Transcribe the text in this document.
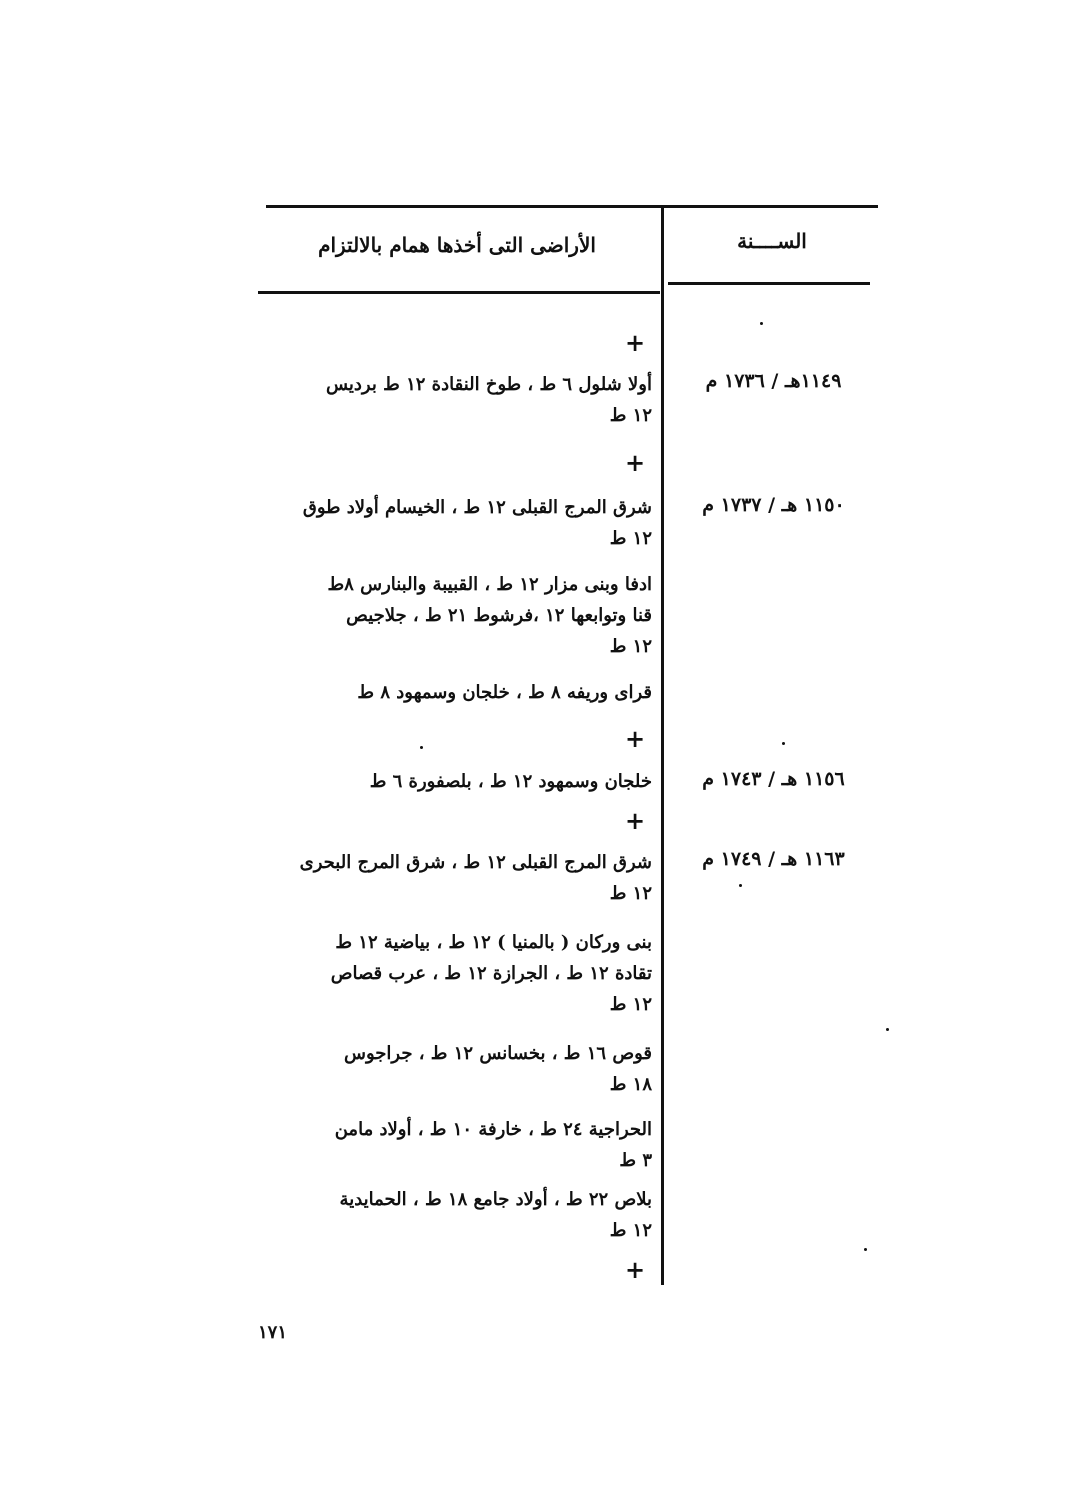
الأراضى التى أخذها همام بالالتزام	الســــنة
+
١١٤٩هـ / ١٧٣٦ م
أولا شلول ٦ ط ، طوخ النقادة ١٢ ط برديس
١٢ ط
+
١١٥٠ هـ / ١٧٣٧ م
شرق المرج القبلى ١٢ ط ، الخيسام أولاد طوق
١٢ ط
ادفا وبنى مزار ١٢ ط ، القبيبة والبنارس ٨ط
قنا وتوابعها ١٢ ،فرشوط ٢١ ط ، جلاجيص
١٢ ط
قراى وريفه ٨ ط ، خلجان وسمهود ٨ ط
+
١١٥٦ هـ / ١٧٤٣ م
خلجان وسمهود ١٢ ط ، بلصفورة ٦ ط
+
١١٦٣ هـ / ١٧٤٩ م
شرق المرج القبلى ١٢ ط ، شرق المرج البحرى
١٢ ط
بنى وركان ( بالمنيا ) ١٢ ط ، بياضية ١٢ ط
تقادة ١٢ ط ، الجرازة ١٢ ط ، عرب قصاص
١٢ ط
قوص ١٦ ط ، بخسانس ١٢ ط ، جراجوس
١٨ ط
الحراجية ٢٤ ط ، خارفة ١٠ ط ، أولاد مامن
٣ ط
بلاص ٢٢ ط ، أولاد جامع ١٨ ط ، الحمايدية
١٢ ط
+
١٧١
